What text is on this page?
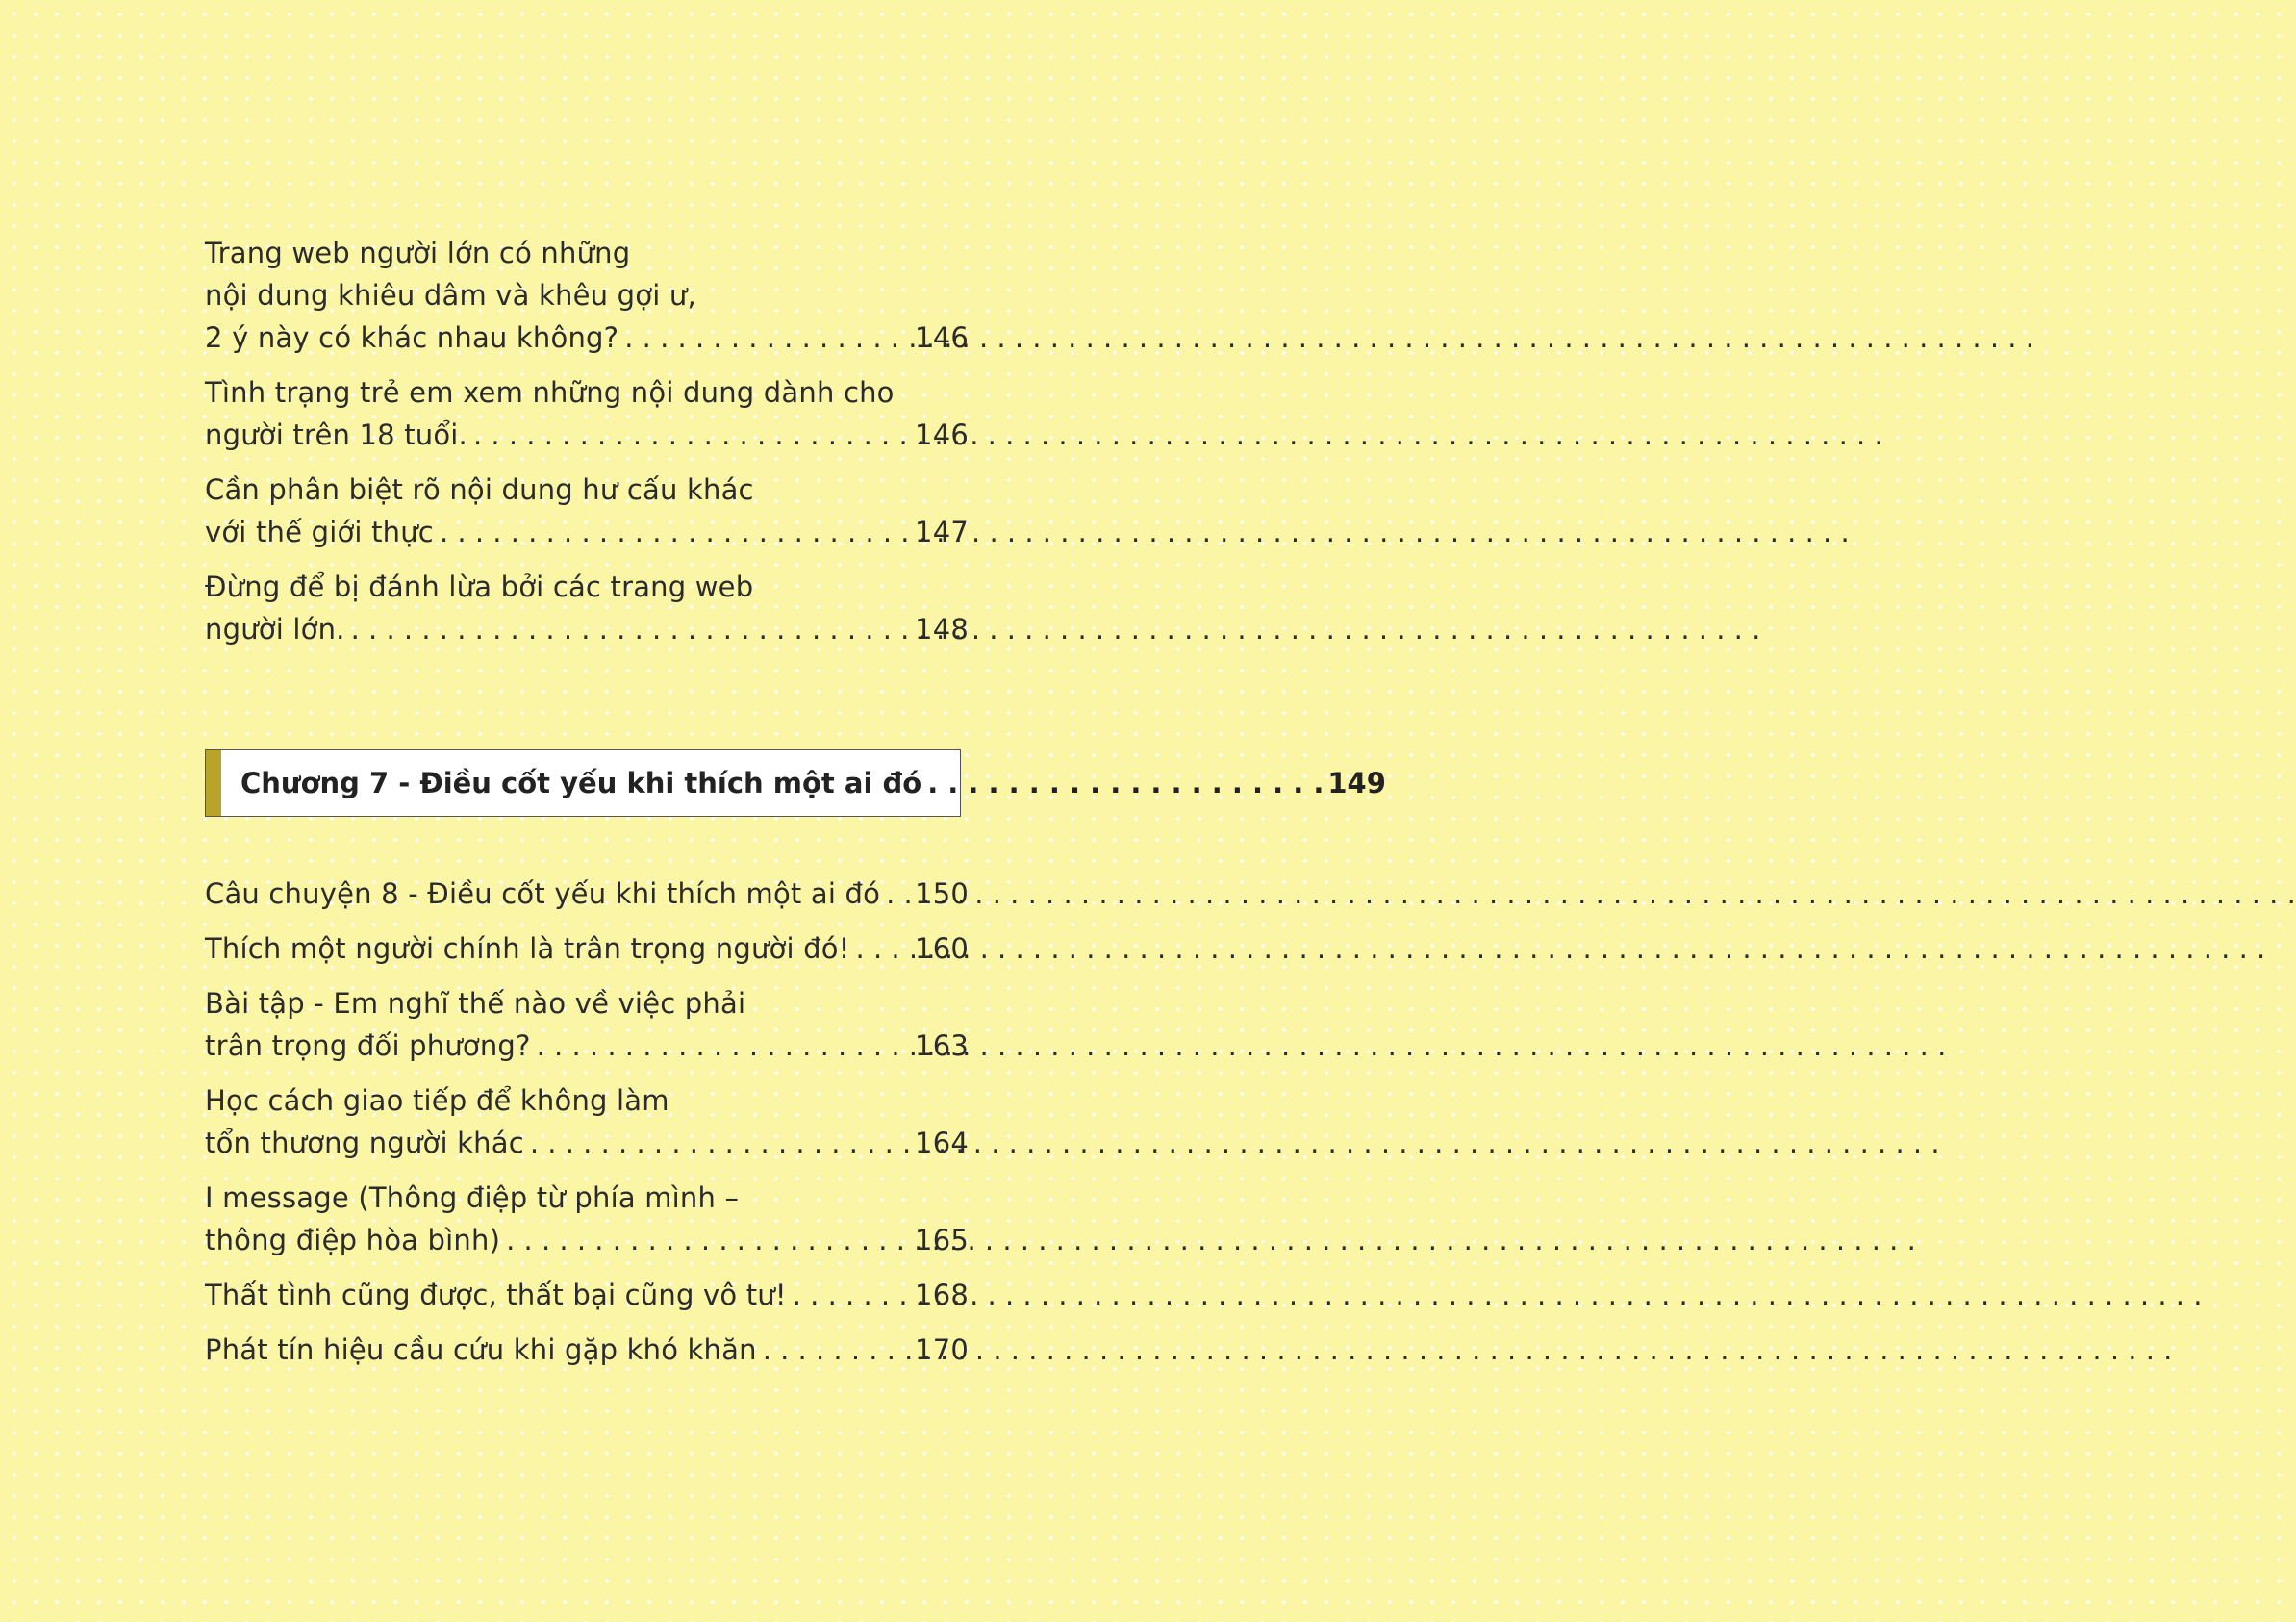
Trang web người lớn có những
nội dung khiêu dâm và khêu gợi ư,
2 ý này có khác nhau không? . . .	146
Tình trạng trẻ em xem những nội dung dành cho
người trên 18 tuổi. . . .	146
Cần phân biệt rõ nội dung hư cấu khác
với thế giới thực . . .	147
Đừng để bị đánh lừa bởi các trang web
người lớn. . . .	148
Chương 7 - Điều cốt yếu khi thích một ai đó . . .	149
Câu chuyện 8 - Điều cốt yếu khi thích một ai đó . . . 150
Thích một người chính là trân trọng người đó! . . . 160
Bài tập - Em nghĩ thế nào về việc phải
trân trọng đối phương? . . .	163
Học cách giao tiếp để không làm
tổn thương người khác . . .	164
I message (Thông điệp từ phía mình –
thông điệp hòa bình) . . .	165
Thất tình cũng được, thất bại cũng vô tư! . . .	168
Phát tín hiệu cầu cứu khi gặp khó khăn . . .	170
